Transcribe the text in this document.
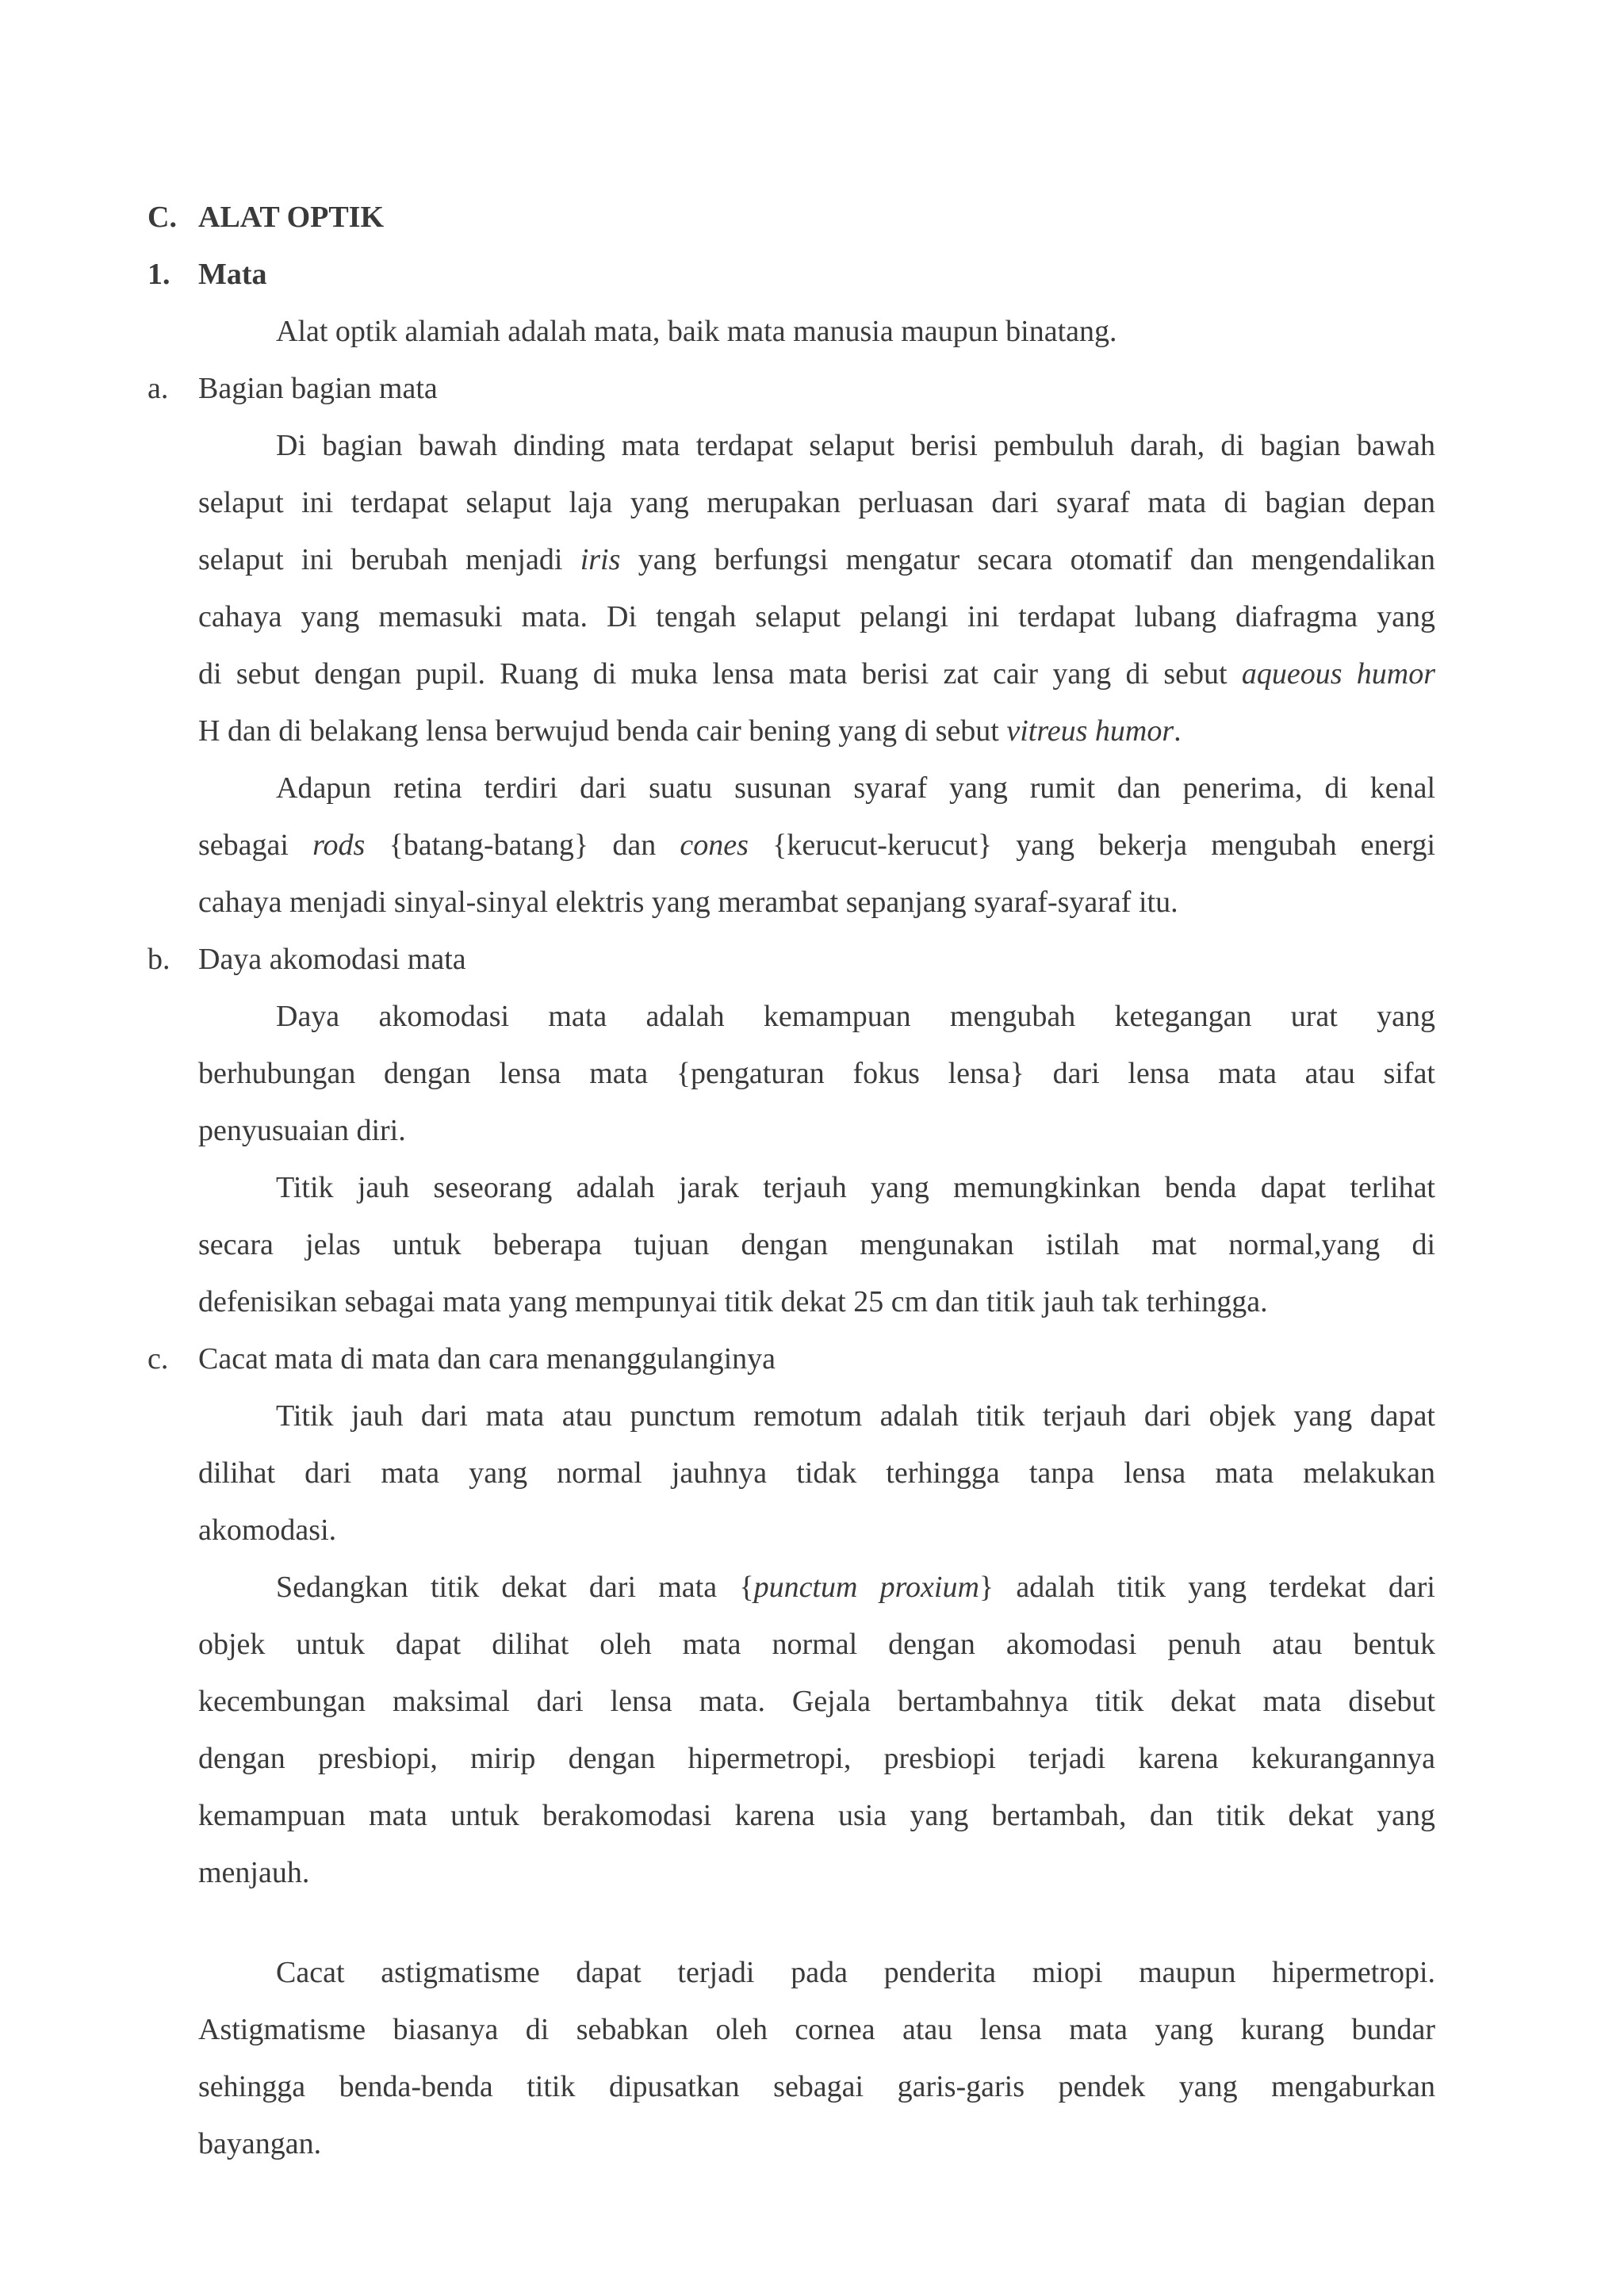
C. ALAT OPTIK
1. Mata
Alat optik alamiah adalah mata, baik mata manusia maupun binatang.
a. Bagian bagian mata
Di bagian bawah dinding mata terdapat selaput berisi pembuluh darah, di bagian bawah
selaput ini terdapat selaput laja yang merupakan perluasan dari syaraf mata di bagian depan
selaput ini berubah menjadi iris yang berfungsi mengatur secara otomatif dan mengendalikan
cahaya yang memasuki mata. Di tengah selaput pelangi ini terdapat lubang diafragma yang
di sebut dengan pupil. Ruang di muka lensa mata berisi zat cair yang di sebut aqueous humor
H dan di belakang lensa berwujud benda cair bening yang di sebut vitreus humor.
Adapun retina terdiri dari suatu susunan syaraf yang rumit dan penerima, di kenal
sebagai rods {batang-batang} dan cones {kerucut-kerucut} yang bekerja mengubah energi
cahaya menjadi sinyal-sinyal elektris yang merambat sepanjang syaraf-syaraf itu.
b. Daya akomodasi mata
Daya akomodasi mata adalah kemampuan mengubah ketegangan urat yang
berhubungan dengan lensa mata {pengaturan fokus lensa} dari lensa mata atau sifat
penyusuaian diri.
Titik jauh seseorang adalah jarak terjauh yang memungkinkan benda dapat terlihat
secara jelas untuk beberapa tujuan dengan mengunakan istilah mat normal,yang di
defenisikan sebagai mata yang mempunyai titik dekat 25 cm dan titik jauh tak terhingga.
c. Cacat mata di mata dan cara menanggulanginya
Titik jauh dari mata atau punctum remotum adalah titik terjauh dari objek yang dapat
dilihat dari mata yang normal jauhnya tidak terhingga tanpa lensa mata melakukan
akomodasi.
Sedangkan titik dekat dari mata {punctum proxium} adalah titik yang terdekat dari
objek untuk dapat dilihat oleh mata normal dengan akomodasi penuh atau bentuk
kecembungan maksimal dari lensa mata. Gejala bertambahnya titik dekat mata disebut
dengan presbiopi, mirip dengan hipermetropi, presbiopi terjadi karena kekurangannya
kemampuan mata untuk berakomodasi karena usia yang bertambah, dan titik dekat yang
menjauh.
Cacat astigmatisme dapat terjadi pada penderita miopi maupun hipermetropi.
Astigmatisme biasanya di sebabkan oleh cornea atau lensa mata yang kurang bundar
sehingga benda-benda titik dipusatkan sebagai garis-garis pendek yang mengaburkan
bayangan.
